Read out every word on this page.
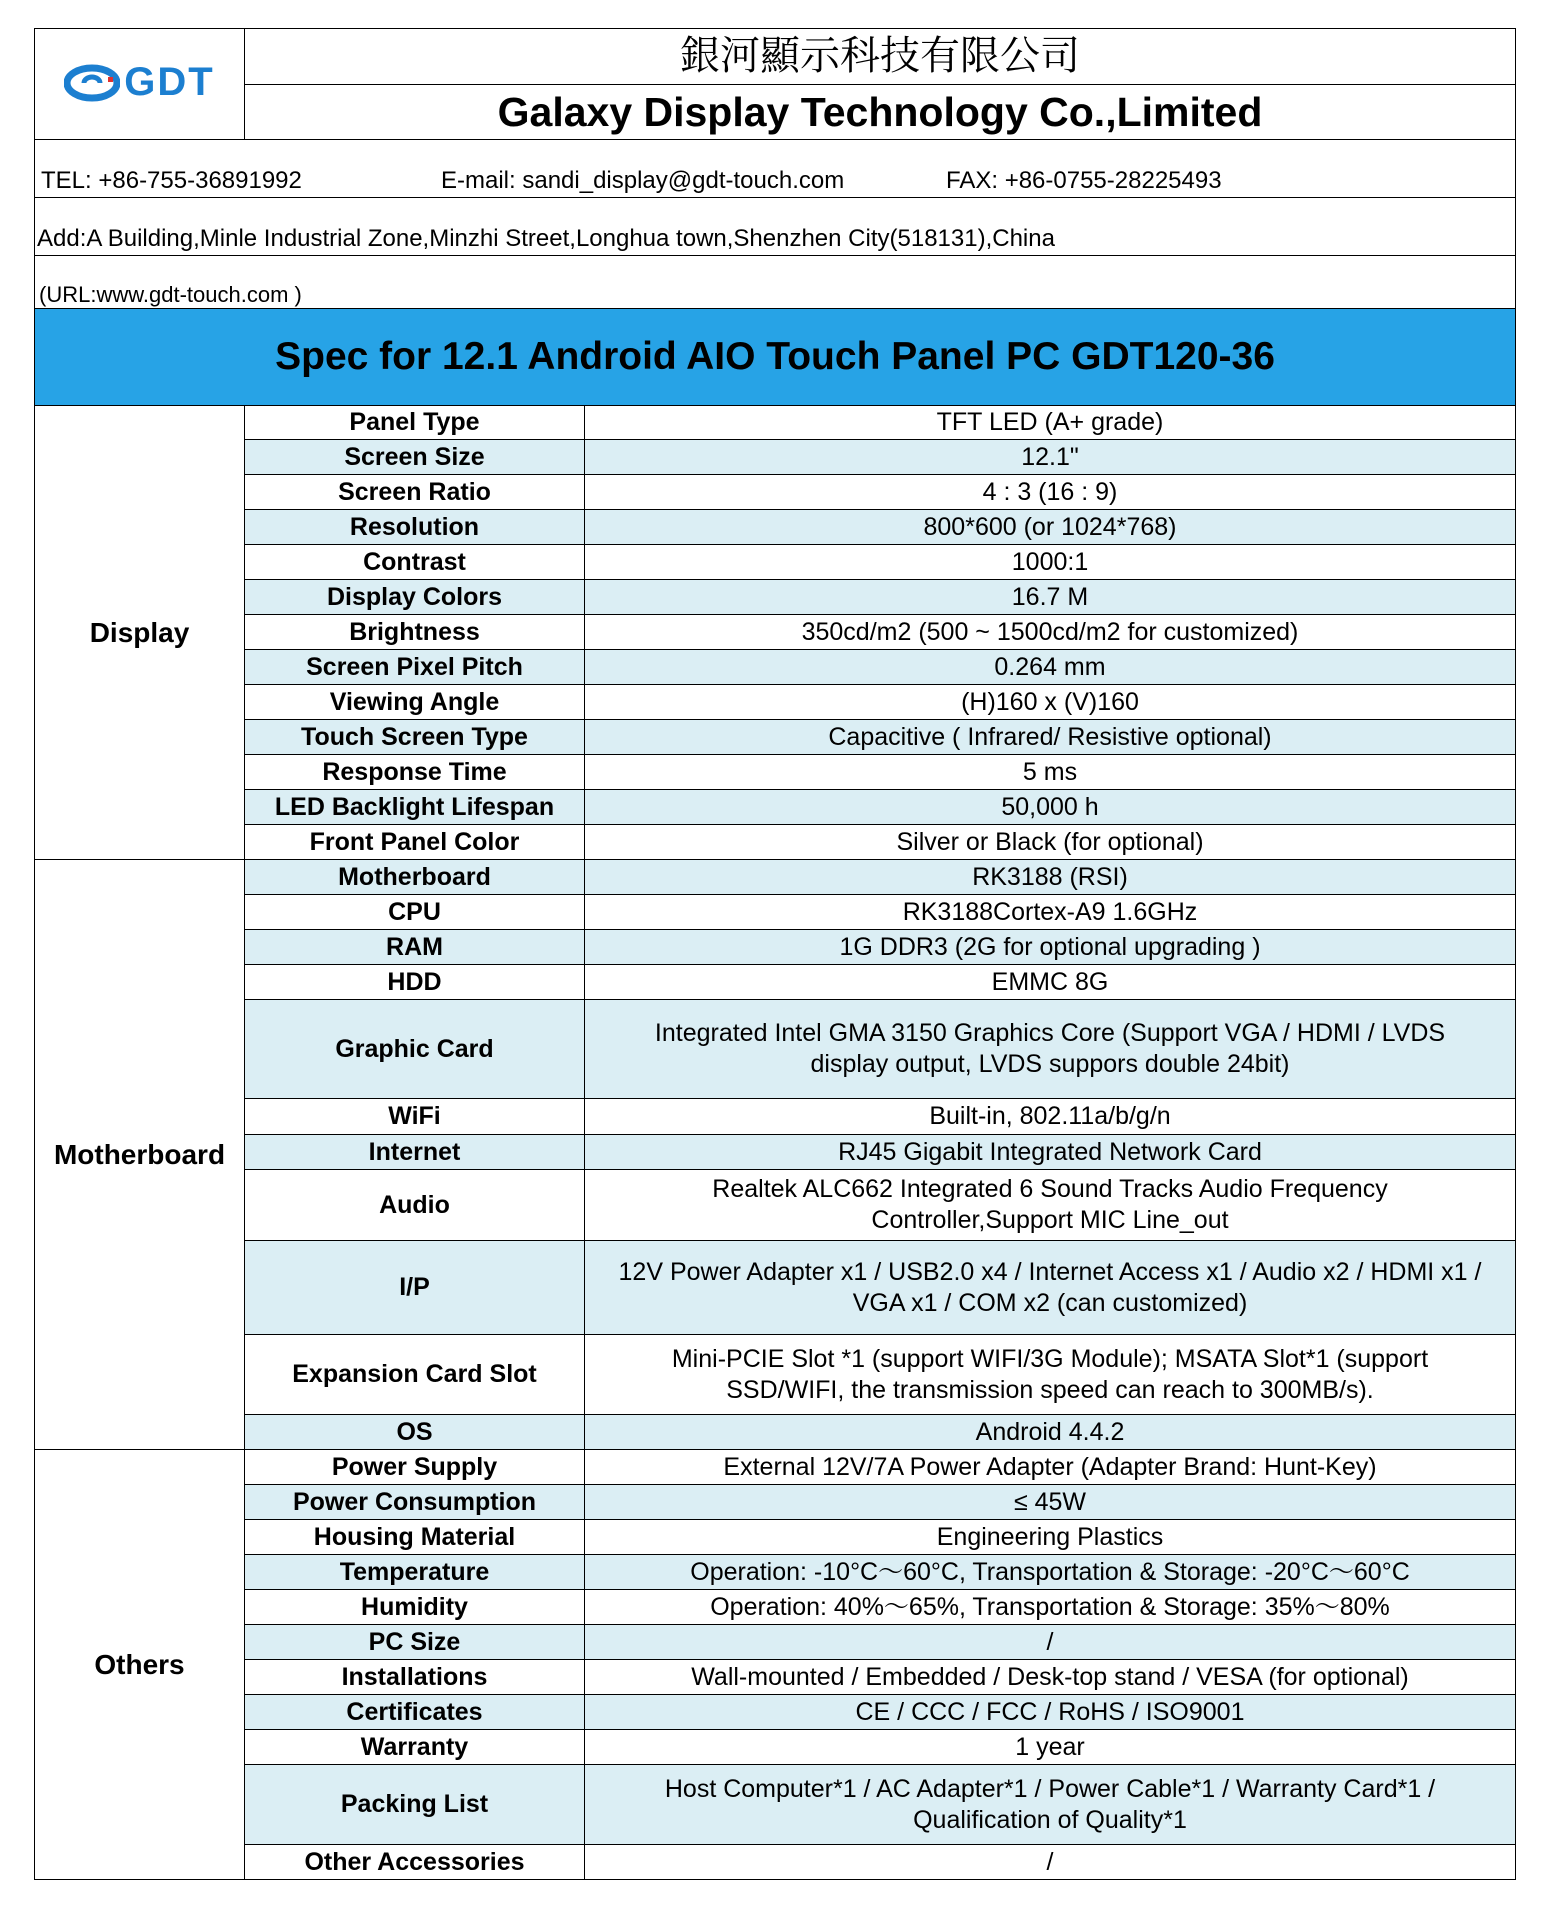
GDT	銀河顯示科技有限公司	
	Galaxy Display Technology Co.,Limited	

TEL: +86-755-36891992 E-mail: sandi_display@gdt-touch.com FAX: +86-0755-28225493		

Add:A Building,Minle Industrial Zone,Minzhi Street,Longhua town,Shenzhen City(518131),China		
(URL:www.gdt-touch.com )		
Spec for 12.1 Android AIO Touch Panel PC GDT120-36		
Display	Panel Type	TFT LED (A+ grade)
	Screen Size	12.1"
	Screen Ratio	4 : 3 (16 : 9)
	Resolution	800*600 (or 1024*768)
	Contrast	1000:1
	Display Colors	16.7 M
	Brightness	350cd/m2 (500 ~ 1500cd/m2 for customized)
	Screen Pixel Pitch	0.264 mm
	Viewing Angle	(H)160 x (V)160
	Touch Screen Type	Capacitive ( Infrared/ Resistive optional)
	Response Time	5 ms
	LED Backlight Lifespan	50,000 h
	Front Panel Color	Silver or Black (for optional)
Motherboard	Motherboard	RK3188 (RSI)
	CPU	RK3188Cortex-A9 1.6GHz
	RAM	1G DDR3 (2G for optional upgrading )
	HDD	EMMC 8G
	Graphic Card	Integrated Intel GMA 3150 Graphics Core (Support VGA / HDMI / LVDS display output, LVDS suppors double 24bit)
	WiFi	Built-in, 802.11a/b/g/n
	Internet	RJ45 Gigabit Integrated Network Card
	Audio	Realtek ALC662 Integrated 6 Sound Tracks Audio Frequency Controller,Support MIC Line_out
	I/P	12V Power Adapter x1 / USB2.0 x4 / Internet Access x1 / Audio x2 / HDMI x1 / VGA x1 / COM x2 (can customized)
	Expansion Card Slot	Mini-PCIE Slot *1 (support WIFI/3G Module); MSATA Slot*1 (support SSD/WIFI, the transmission speed can reach to 300MB/s).
	OS	Android 4.4.2
Others	Power Supply	External 12V/7A Power Adapter (Adapter Brand: Hunt-Key)
	Power Consumption	≤ 45W
	Housing Material	Engineering Plastics
	Temperature	Operation: -10°C～60°C, Transportation & Storage: -20°C～60°C
	Humidity	Operation: 40%～65%, Transportation & Storage: 35%～80%
	PC Size	/
	Installations	Wall-mounted / Embedded / Desk-top stand / VESA (for optional)
	Certificates	CE / CCC / FCC / RoHS / ISO9001
	Warranty	1 year
	Packing List	Host Computer*1 / AC Adapter*1 / Power Cable*1 / Warranty Card*1 / Qualification of Quality*1
	Other Accessories	/
